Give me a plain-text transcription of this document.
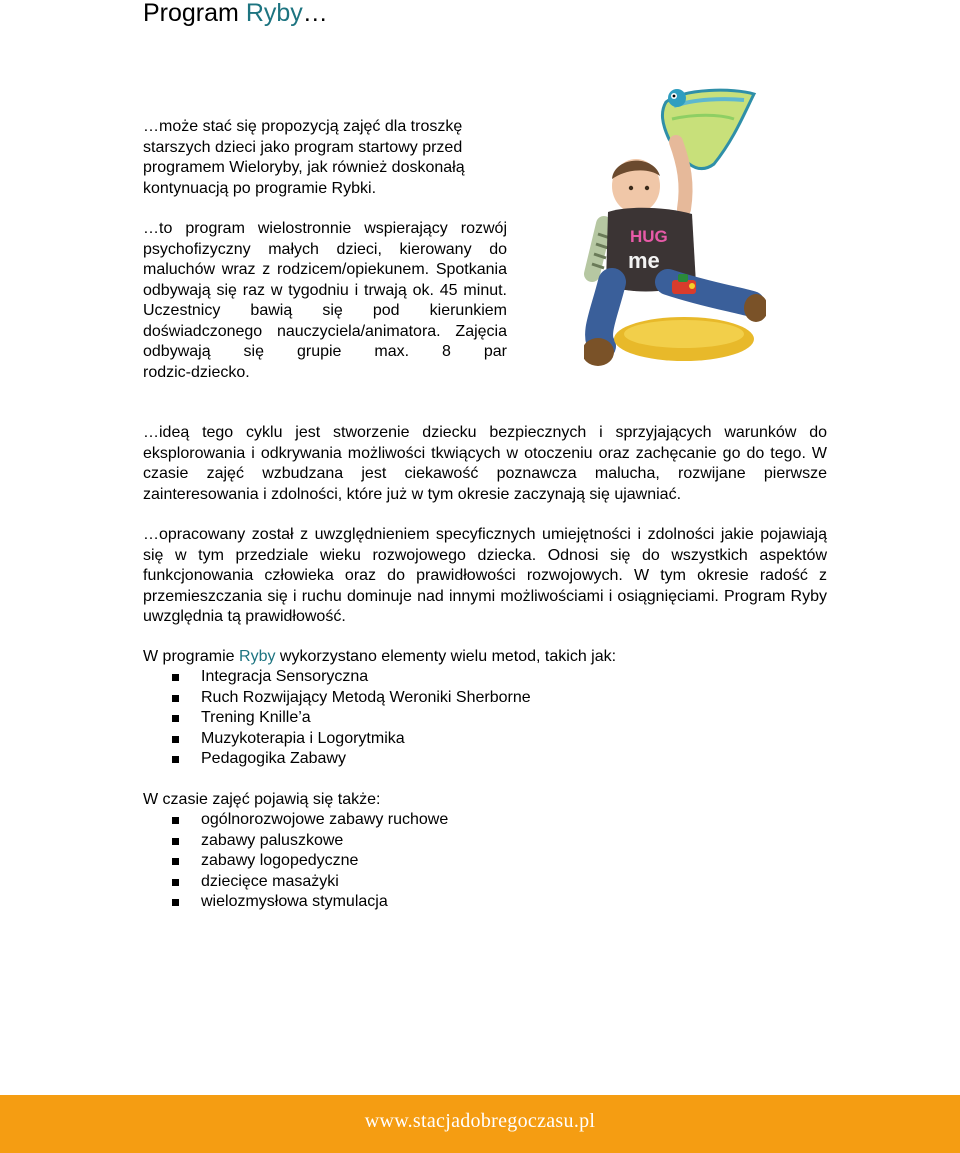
Program Ryby…

…może stać się propozycją zajęć dla troszkę starszych dzieci jako program startowy przed programem Wieloryby, jak również doskonałą kontynuacją po programie Rybki.

…to program wielostronnie wspierający rozwój psychofizyczny małych dzieci, kierowany do maluchów wraz z rodzicem/opiekunem. Spotkania odbywają się raz w tygodniu i trwają ok. 45 minut. Uczestnicy bawią się pod kierunkiem doświadczonego nauczyciela/animatora. Zajęcia odbywają się grupie max. 8 par
rodzic-dziecko.

HUG
me

…ideą tego cyklu jest stworzenie dziecku bezpiecznych i sprzyjających warunków do eksplorowania i odkrywania możliwości tkwiących w otoczeniu oraz zachęcanie go do tego. W czasie zajęć wzbudzana jest ciekawość poznawcza malucha, rozwijane pierwsze zainteresowania i zdolności, które już w tym okresie zaczynają się ujawniać.

…opracowany został z uwzględnieniem specyficznych umiejętności i zdolności jakie pojawiają się w tym przedziale wieku rozwojowego dziecka. Odnosi się do wszystkich aspektów funkcjonowania człowieka oraz do prawidłowości rozwojowych. W tym okresie radość z przemieszczania się i ruchu dominuje nad innymi możliwościami i osiągnięciami. Program Ryby uwzględnia tą prawidłowość.

W programie Ryby wykorzystano elementy wielu metod, takich jak:
Integracja Sensoryczna
Ruch Rozwijający Metodą Weroniki Sherborne
Trening Knille’a
Muzykoterapia i Logorytmika
Pedagogika Zabawy
W czasie zajęć pojawią się także:
ogólnorozwojowe zabawy ruchowe
zabawy paluszkowe
zabawy logopedyczne
dziecięce masażyki
wielozmysłowa stymulacja
www.stacjadobregoczasu.pl
